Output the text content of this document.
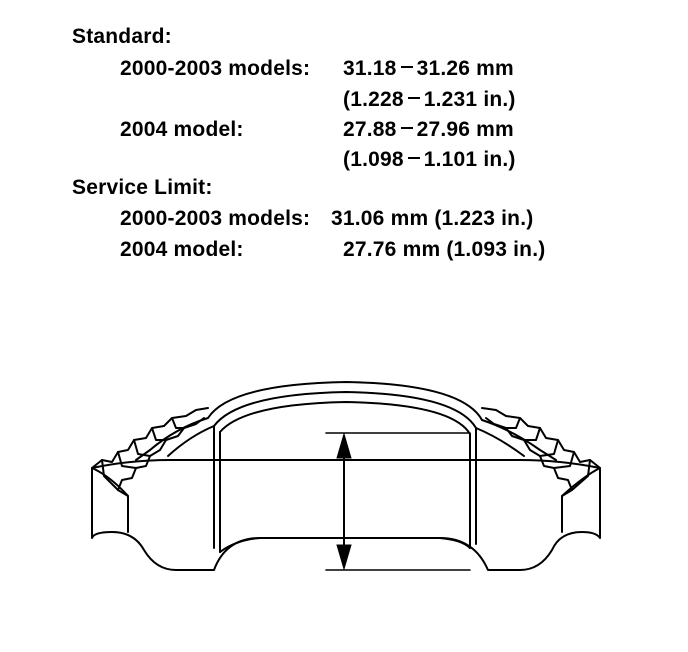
Standard:
2000-2003 models: 31.18 31.26 mm
(1.228 1.231 in.)
2004 model:	27.88 27.96 mm
(1.098 1.101 in.)
Service Limit:
2000-2003 models: 31.06 mm (1.223 in.)
2004 model:	27.76 mm (1.093 in.)
